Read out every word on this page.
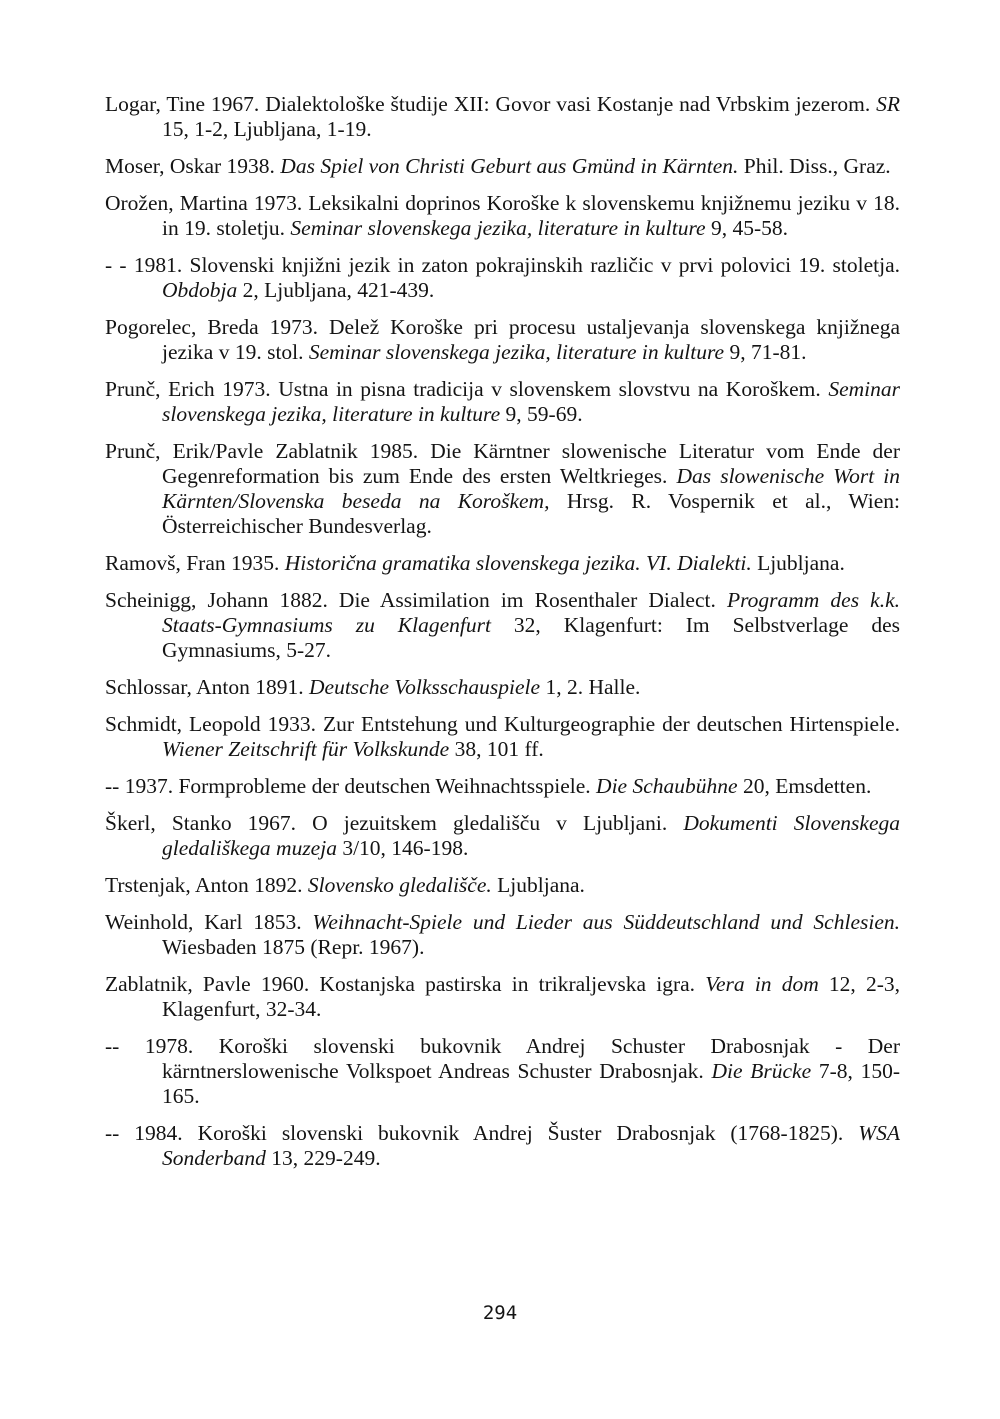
Logar, Tine 1967. Dialektološke študije XII: Govor vasi Kostanje nad Vrbskim jezerom. SR 15, 1-2, Ljubljana, 1-19.

Moser, Oskar 1938. Das Spiel von Christi Geburt aus Gmünd in Kärnten. Phil. Diss., Graz.

Orožen, Martina 1973. Leksikalni doprinos Koroške k slovenskemu knjižnemu jeziku v 18. in 19. stoletju. Seminar slovenskega jezika, literature in kulture 9, 45-58.

- - 1981. Slovenski knjižni jezik in zaton pokrajinskih različic v prvi polovici 19. stoletja. Obdobja 2, Ljubljana, 421-439.

Pogorelec, Breda 1973. Delež Koroške pri procesu ustaljevanja slovenskega knjižnega jezika v 19. stol. Seminar slovenskega jezika, literature in kulture 9, 71-81.

Prunč, Erich 1973. Ustna in pisna tradicija v slovenskem slovstvu na Koroškem. Seminar slovenskega jezika, literature in kulture 9, 59-69.

Prunč, Erik/Pavle Zablatnik 1985. Die Kärntner slowenische Literatur vom Ende der Gegenreformation bis zum Ende des ersten Weltkrieges. Das slowenische Wort in Kärnten/Slovenska beseda na Koroškem, Hrsg. R. Vospernik et al., Wien: Österreichischer Bundesverlag.

Ramovš, Fran 1935. Historična gramatika slovenskega jezika. VI. Dialekti. Ljubljana.

Scheinigg, Johann 1882. Die Assimilation im Rosenthaler Dialect. Programm des k.k. Staats-Gymnasiums zu Klagenfurt 32, Klagenfurt: Im Selbstverlage des Gymnasiums, 5-27.

Schlossar, Anton 1891. Deutsche Volksschauspiele 1, 2. Halle.

Schmidt, Leopold 1933. Zur Entstehung und Kulturgeographie der deutschen Hirtenspiele. Wiener Zeitschrift für Volkskunde 38, 101 ff.

-- 1937. Formprobleme der deutschen Weihnachtsspiele. Die Schaubühne 20, Emsdetten.

Škerl, Stanko 1967. O jezuitskem gledališču v Ljubljani. Dokumenti Slovenskega gledališkega muzeja 3/10, 146-198.

Trstenjak, Anton 1892. Slovensko gledališče. Ljubljana.

Weinhold, Karl 1853. Weihnacht-Spiele und Lieder aus Süddeutschland und Schlesien. Wiesbaden 1875 (Repr. 1967).

Zablatnik, Pavle 1960. Kostanjska pastirska in trikraljevska igra. Vera in dom 12, 2-3, Klagenfurt, 32-34.

-- 1978. Koroški slovenski bukovnik Andrej Schuster Drabosnjak - Der kärntnerslowenische Volkspoet Andreas Schuster Drabosnjak. Die Brücke 7-8, 150-165.

-- 1984. Koroški slovenski bukovnik Andrej Šuster Drabosnjak (1768-1825). WSA Sonderband 13, 229-249.

294
